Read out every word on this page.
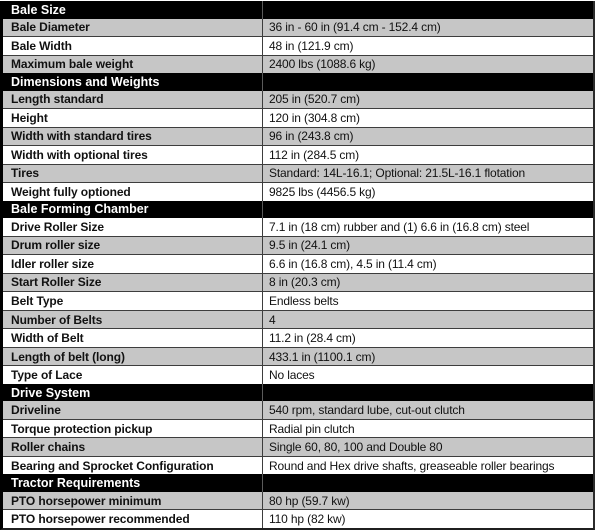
Bale Size
Bale Diameter	36 in - 60 in (91.4 cm - 152.4 cm)
Bale Width	48 in (121.9 cm)
Maximum bale weight	2400 lbs (1088.6 kg)
Dimensions and Weights
Length standard	205 in (520.7 cm)
Height	120 in (304.8 cm)
Width with standard tires	96 in (243.8 cm)
Width with optional tires	112 in (284.5 cm)
Tires	Standard: 14L-16.1; Optional: 21.5L-16.1 flotation
Weight fully optioned	9825 lbs (4456.5 kg)
Bale Forming Chamber
Drive Roller Size	7.1 in (18 cm) rubber and (1) 6.6 in (16.8 cm) steel
Drum roller size	9.5 in (24.1 cm)
Idler roller size	6.6 in (16.8 cm), 4.5 in (11.4 cm)
Start Roller Size	8 in (20.3 cm)
Belt Type	Endless belts
Number of Belts	4
Width of Belt	11.2 in (28.4 cm)
Length of belt (long)	433.1 in (1100.1 cm)
Type of Lace	No laces
Drive System
Driveline	540 rpm, standard lube, cut-out clutch
Torque protection pickup	Radial pin clutch
Roller chains	Single 60, 80, 100 and Double 80
Bearing and Sprocket Configuration	Round and Hex drive shafts, greaseable roller bearings
Tractor Requirements
PTO horsepower minimum	80 hp (59.7 kw)
PTO horsepower recommended	110 hp (82 kw)
